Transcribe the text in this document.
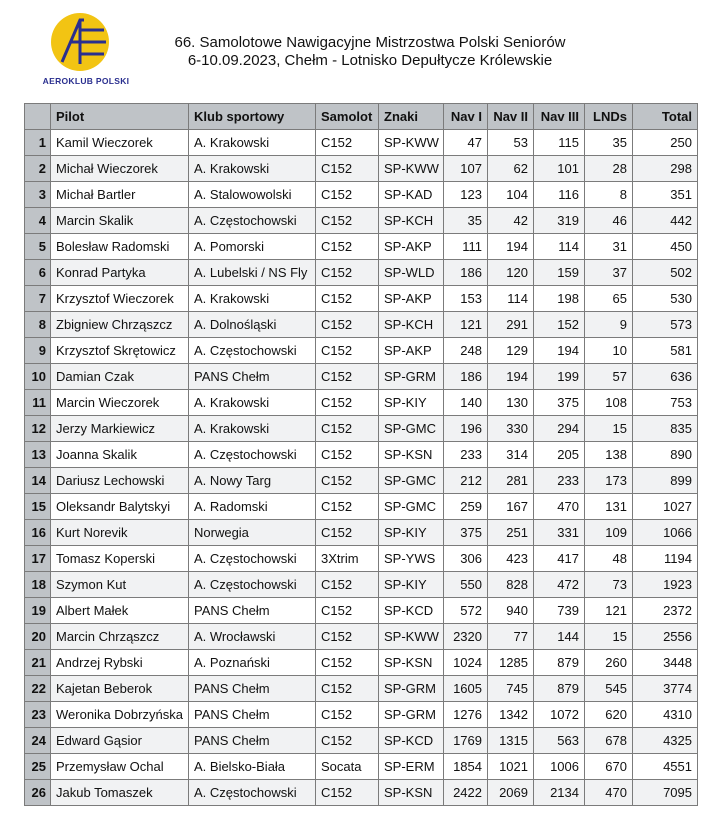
AEROKLUB POLSKI
66. Samolotowe Nawigacyjne Mistrzostwa Polski Seniorów
6-10.09.2023, Chełm - Lotnisko Depułtycze Królewskie
	Pilot	Klub sportowy	Samolot	Znaki	Nav I	Nav II	Nav III	LNDs	Total
1	Kamil Wieczorek	A. Krakowski	C152	SP-KWW	47	53	115	35	250
2	Michał Wieczorek	A. Krakowski	C152	SP-KWW	107	62	101	28	298
3	Michał Bartler	A. Stalowowolski	C152	SP-KAD	123	104	116	8	351
4	Marcin Skalik	A. Częstochowski	C152	SP-KCH	35	42	319	46	442
5	Bolesław Radomski	A. Pomorski	C152	SP-AKP	111	194	114	31	450
6	Konrad Partyka	A. Lubelski / NS Fly	C152	SP-WLD	186	120	159	37	502
7	Krzysztof Wieczorek	A. Krakowski	C152	SP-AKP	153	114	198	65	530
8	Zbigniew Chrząszcz	A. Dolnośląski	C152	SP-KCH	121	291	152	9	573
9	Krzysztof Skrętowicz	A. Częstochowski	C152	SP-AKP	248	129	194	10	581
10	Damian Czak	PANS Chełm	C152	SP-GRM	186	194	199	57	636
11	Marcin Wieczorek	A. Krakowski	C152	SP-KIY	140	130	375	108	753
12	Jerzy Markiewicz	A. Krakowski	C152	SP-GMC	196	330	294	15	835
13	Joanna Skalik	A. Częstochowski	C152	SP-KSN	233	314	205	138	890
14	Dariusz Lechowski	A. Nowy Targ	C152	SP-GMC	212	281	233	173	899
15	Oleksandr Balytskyi	A. Radomski	C152	SP-GMC	259	167	470	131	1027
16	Kurt Norevik	Norwegia	C152	SP-KIY	375	251	331	109	1066
17	Tomasz Koperski	A. Częstochowski	3Xtrim	SP-YWS	306	423	417	48	1194
18	Szymon Kut	A. Częstochowski	C152	SP-KIY	550	828	472	73	1923
19	Albert Małek	PANS Chełm	C152	SP-KCD	572	940	739	121	2372
20	Marcin Chrząszcz	A. Wrocławski	C152	SP-KWW	2320	77	144	15	2556
21	Andrzej Rybski	A. Poznański	C152	SP-KSN	1024	1285	879	260	3448
22	Kajetan Beberok	PANS Chełm	C152	SP-GRM	1605	745	879	545	3774
23	Weronika Dobrzyńska	PANS Chełm	C152	SP-GRM	1276	1342	1072	620	4310
24	Edward Gąsior	PANS Chełm	C152	SP-KCD	1769	1315	563	678	4325
25	Przemysław Ochal	A. Bielsko-Biała	Socata	SP-ERM	1854	1021	1006	670	4551
26	Jakub Tomaszek	A. Częstochowski	C152	SP-KSN	2422	2069	2134	470	7095
